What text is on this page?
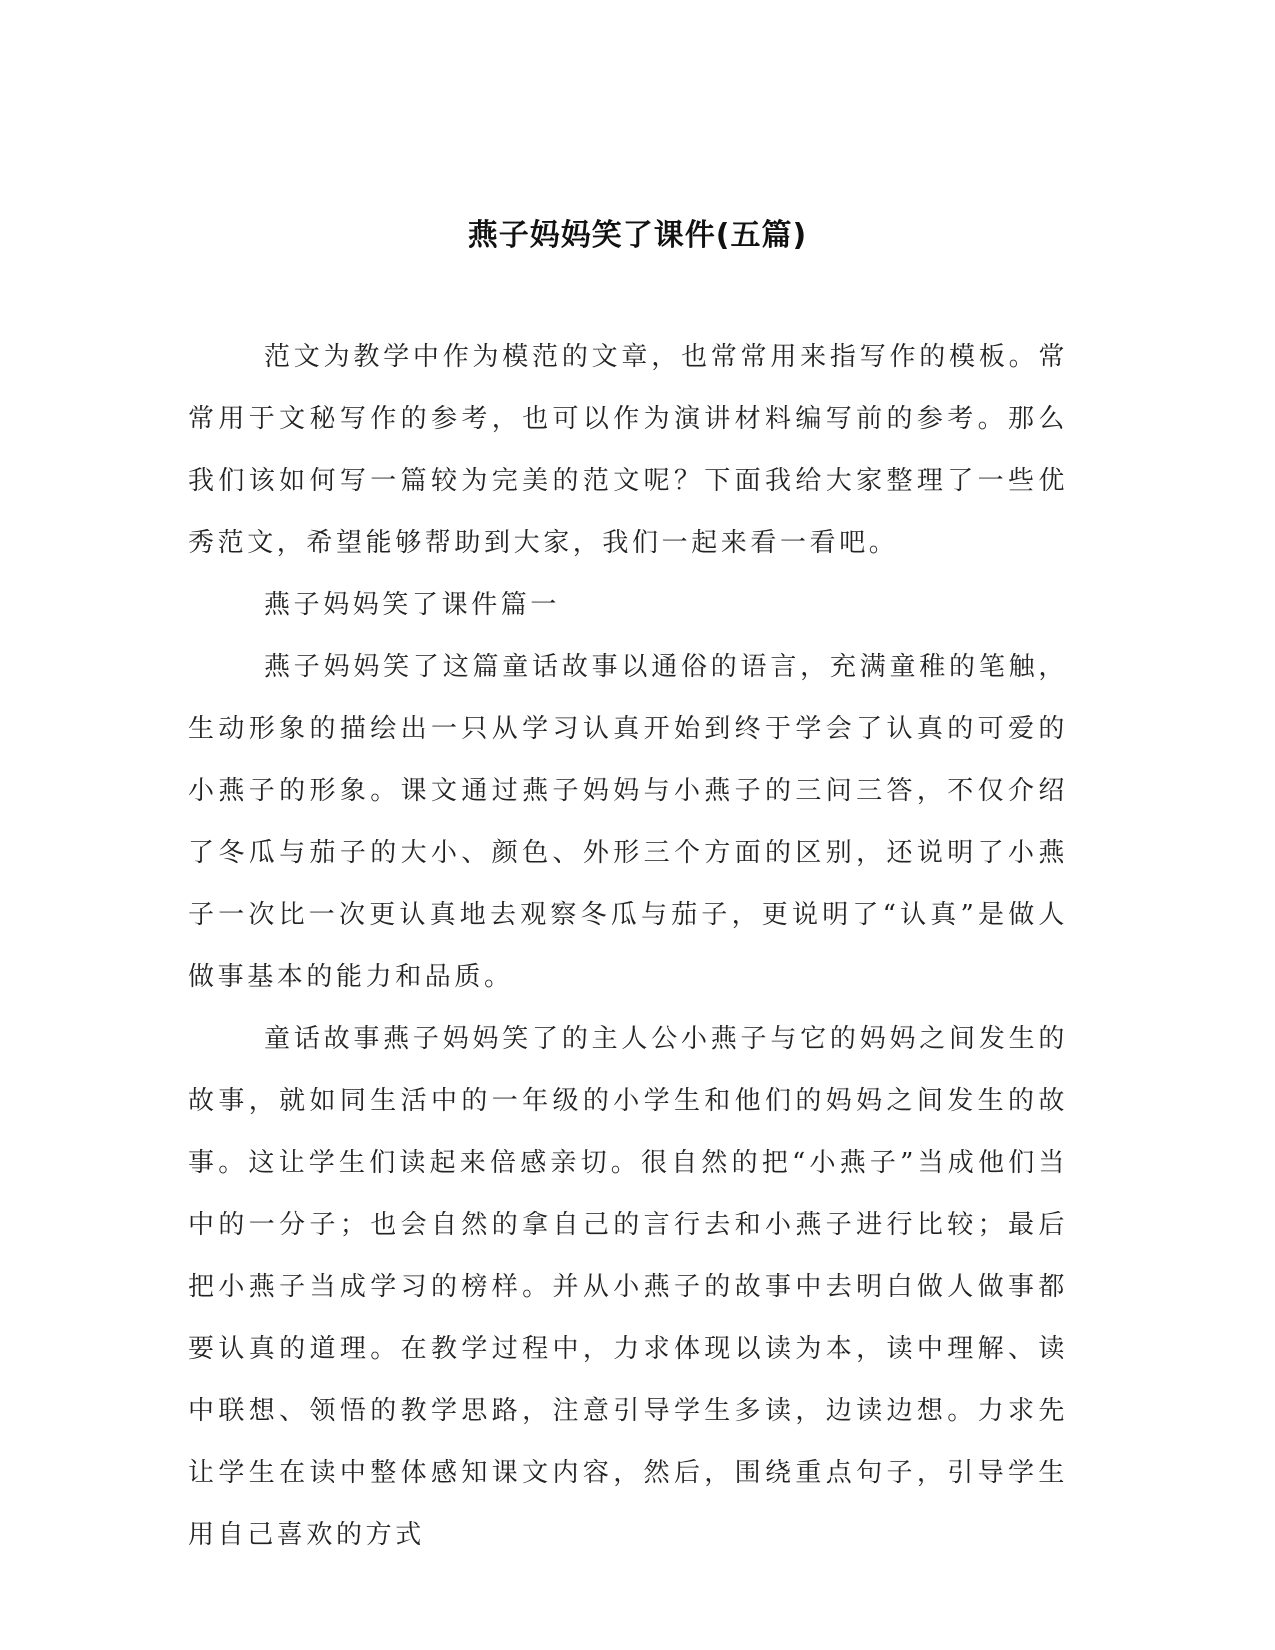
燕子妈妈笑了课件(五篇)

范文为教学中作为模范的文章，也常常用来指写作的模板。常常用于文秘写作的参考，也可以作为演讲材料编写前的参考。那么我们该如何写一篇较为完美的范文呢？下面我给大家整理了一些优秀范文，希望能够帮助到大家，我们一起来看一看吧。

燕子妈妈笑了课件篇一

燕子妈妈笑了这篇童话故事以通俗的语言，充满童稚的笔触，生动形象的描绘出一只从学习认真开始到终于学会了认真的可爱的小燕子的形象。课文通过燕子妈妈与小燕子的三问三答，不仅介绍了冬瓜与茄子的大小、颜色、外形三个方面的区别，还说明了小燕子一次比一次更认真地去观察冬瓜与茄子，更说明了“认真”是做人做事基本的能力和品质。

童话故事燕子妈妈笑了的主人公小燕子与它的妈妈之间发生的故事，就如同生活中的一年级的小学生和他们的妈妈之间发生的故事。这让学生们读起来倍感亲切。很自然的把“小燕子”当成他们当中的一分子；也会自然的拿自己的言行去和小燕子进行比较；最后把小燕子当成学习的榜样。并从小燕子的故事中去明白做人做事都要认真的道理。在教学过程中，力求体现以读为本，读中理解、读中联想、领悟的教学思路，注意引导学生多读，边读边想。力求先让学生在读中整体感知课文内容，然后，围绕重点句子，引导学生用自己喜欢的方式
